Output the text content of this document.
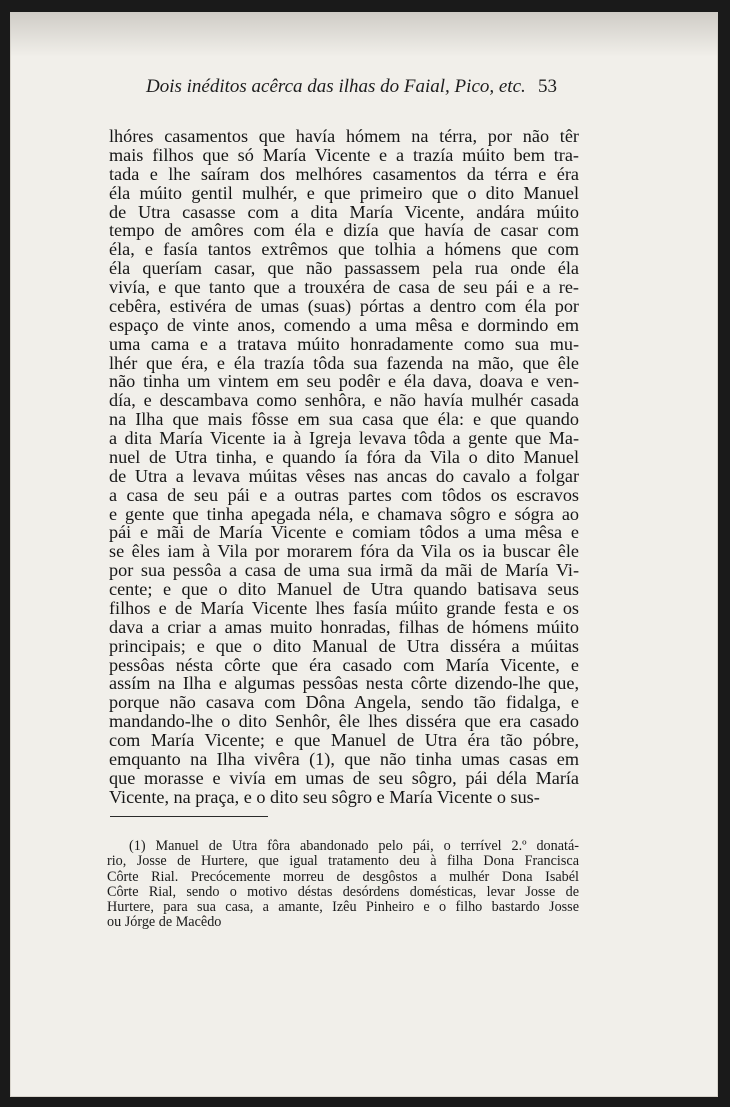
Dois inéditos acêrca das ilhas do Faial, Pico, etc. 53
lhóres casamentos que havía hómem na térra, por não têr
mais filhos que só María Vicente e a trazía múito bem tra-
tada e lhe saíram dos melhóres casamentos da térra e éra
éla múito gentil mulhér, e que primeiro que o dito Manuel
de Utra casasse com a dita María Vicente, andára múito
tempo de amôres com éla e dizía que havía de casar com
éla, e fasía tantos extrêmos que tolhia a hómens que com
éla queríam casar, que não passassem pela rua onde éla
vivía, e que tanto que a trouxéra de casa de seu pái e a re-
cebêra, estivéra de umas (suas) pórtas a dentro com éla por
espaço de vinte anos, comendo a uma mêsa e dormindo em
uma cama e a tratava múito honradamente como sua mu-
lhér que éra, e éla trazía tôda sua fazenda na mão, que êle
não tinha um vintem em seu podêr e éla dava, doava e ven-
día, e descambava como senhôra, e não havía mulhér casada
na Ilha que mais fôsse em sua casa que éla: e que quando
a dita María Vicente ia à Igreja levava tôda a gente que Ma-
nuel de Utra tinha, e quando ía fóra da Vila o dito Manuel
de Utra a levava múitas vêses nas ancas do cavalo a folgar
a casa de seu pái e a outras partes com tôdos os escravos
e gente que tinha apegada néla, e chamava sôgro e sógra ao
pái e mãi de María Vicente e comiam tôdos a uma mêsa e
se êles iam à Vila por morarem fóra da Vila os ia buscar êle
por sua pessôa a casa de uma sua irmã da mãi de María Vi-
cente; e que o dito Manuel de Utra quando batisava seus
filhos e de María Vicente lhes fasía múito grande festa e os
dava a criar a amas muito honradas, filhas de hómens múito
principais; e que o dito Manual de Utra disséra a múitas
pessôas nésta côrte que éra casado com María Vicente, e
assím na Ilha e algumas pessôas nesta côrte dizendo-lhe que,
porque não casava com Dôna Angela, sendo tão fidalga, e
mandando-lhe o dito Senhôr, êle lhes disséra que era casado
com María Vicente; e que Manuel de Utra éra tão póbre,
emquanto na Ilha vivêra (1), que não tinha umas casas em
que morasse e vivía em umas de seu sôgro, pái déla María
Vicente, na praça, e o dito seu sôgro e María Vicente o sus-
(1) Manuel de Utra fôra abandonado pelo pái, o terrível 2.º donatá-
rio, Josse de Hurtere, que igual tratamento deu à filha Dona Francisca
Côrte Rial. Precócemente morreu de desgôstos a mulhér Dona Isabél
Côrte Rial, sendo o motivo déstas desórdens domésticas, levar Josse de
Hurtere, para sua casa, a amante, Izêu Pinheiro e o filho bastardo Josse
ou Jórge de Macêdo
